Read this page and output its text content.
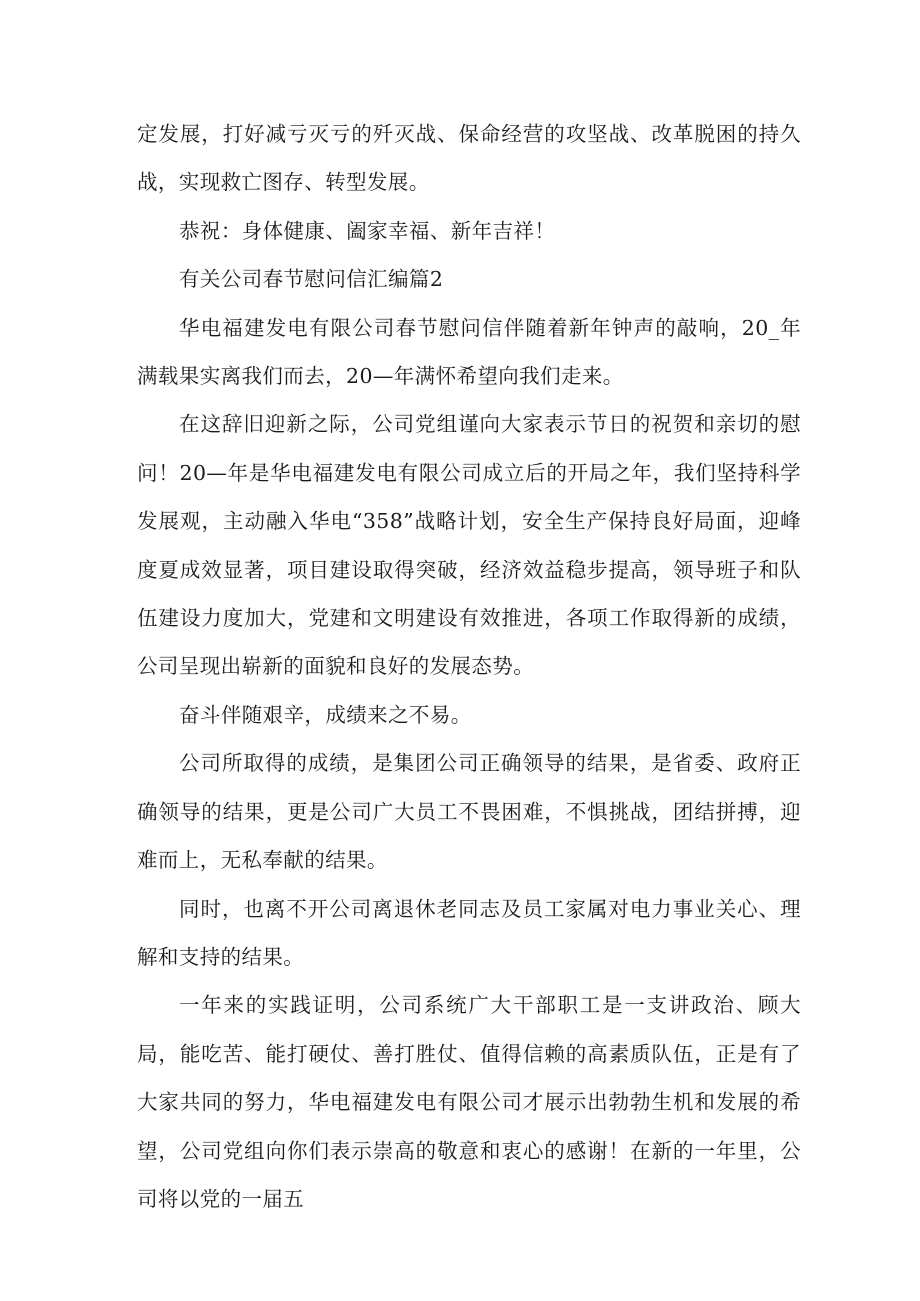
定发展，打好减亏灭亏的歼灭战、保命经营的攻坚战、改革脱困的持久战，实现救亡图存、转型发展。

恭祝：身体健康、阖家幸福、新年吉祥！

有关公司春节慰问信汇编篇2

华电福建发电有限公司春节慰问信伴随着新年钟声的敲响，20_年满载果实离我们而去，20—年满怀希望向我们走来。

在这辞旧迎新之际，公司党组谨向大家表示节日的祝贺和亲切的慰问！20—年是华电福建发电有限公司成立后的开局之年，我们坚持科学发展观，主动融入华电“358”战略计划，安全生产保持良好局面，迎峰度夏成效显著，项目建设取得突破，经济效益稳步提高，领导班子和队伍建设力度加大，党建和文明建设有效推进，各项工作取得新的成绩，公司呈现出崭新的面貌和良好的发展态势。

奋斗伴随艰辛，成绩来之不易。

公司所取得的成绩，是集团公司正确领导的结果，是省委、政府正确领导的结果，更是公司广大员工不畏困难，不惧挑战，团结拼搏，迎难而上，无私奉献的结果。

同时，也离不开公司离退休老同志及员工家属对电力事业关心、理解和支持的结果。

一年来的实践证明，公司系统广大干部职工是一支讲政治、顾大局，能吃苦、能打硬仗、善打胜仗、值得信赖的高素质队伍，正是有了大家共同的努力，华电福建发电有限公司才展示出勃勃生机和发展的希望，公司党组向你们表示崇高的敬意和衷心的感谢！在新的一年里，公司将以党的一届五
